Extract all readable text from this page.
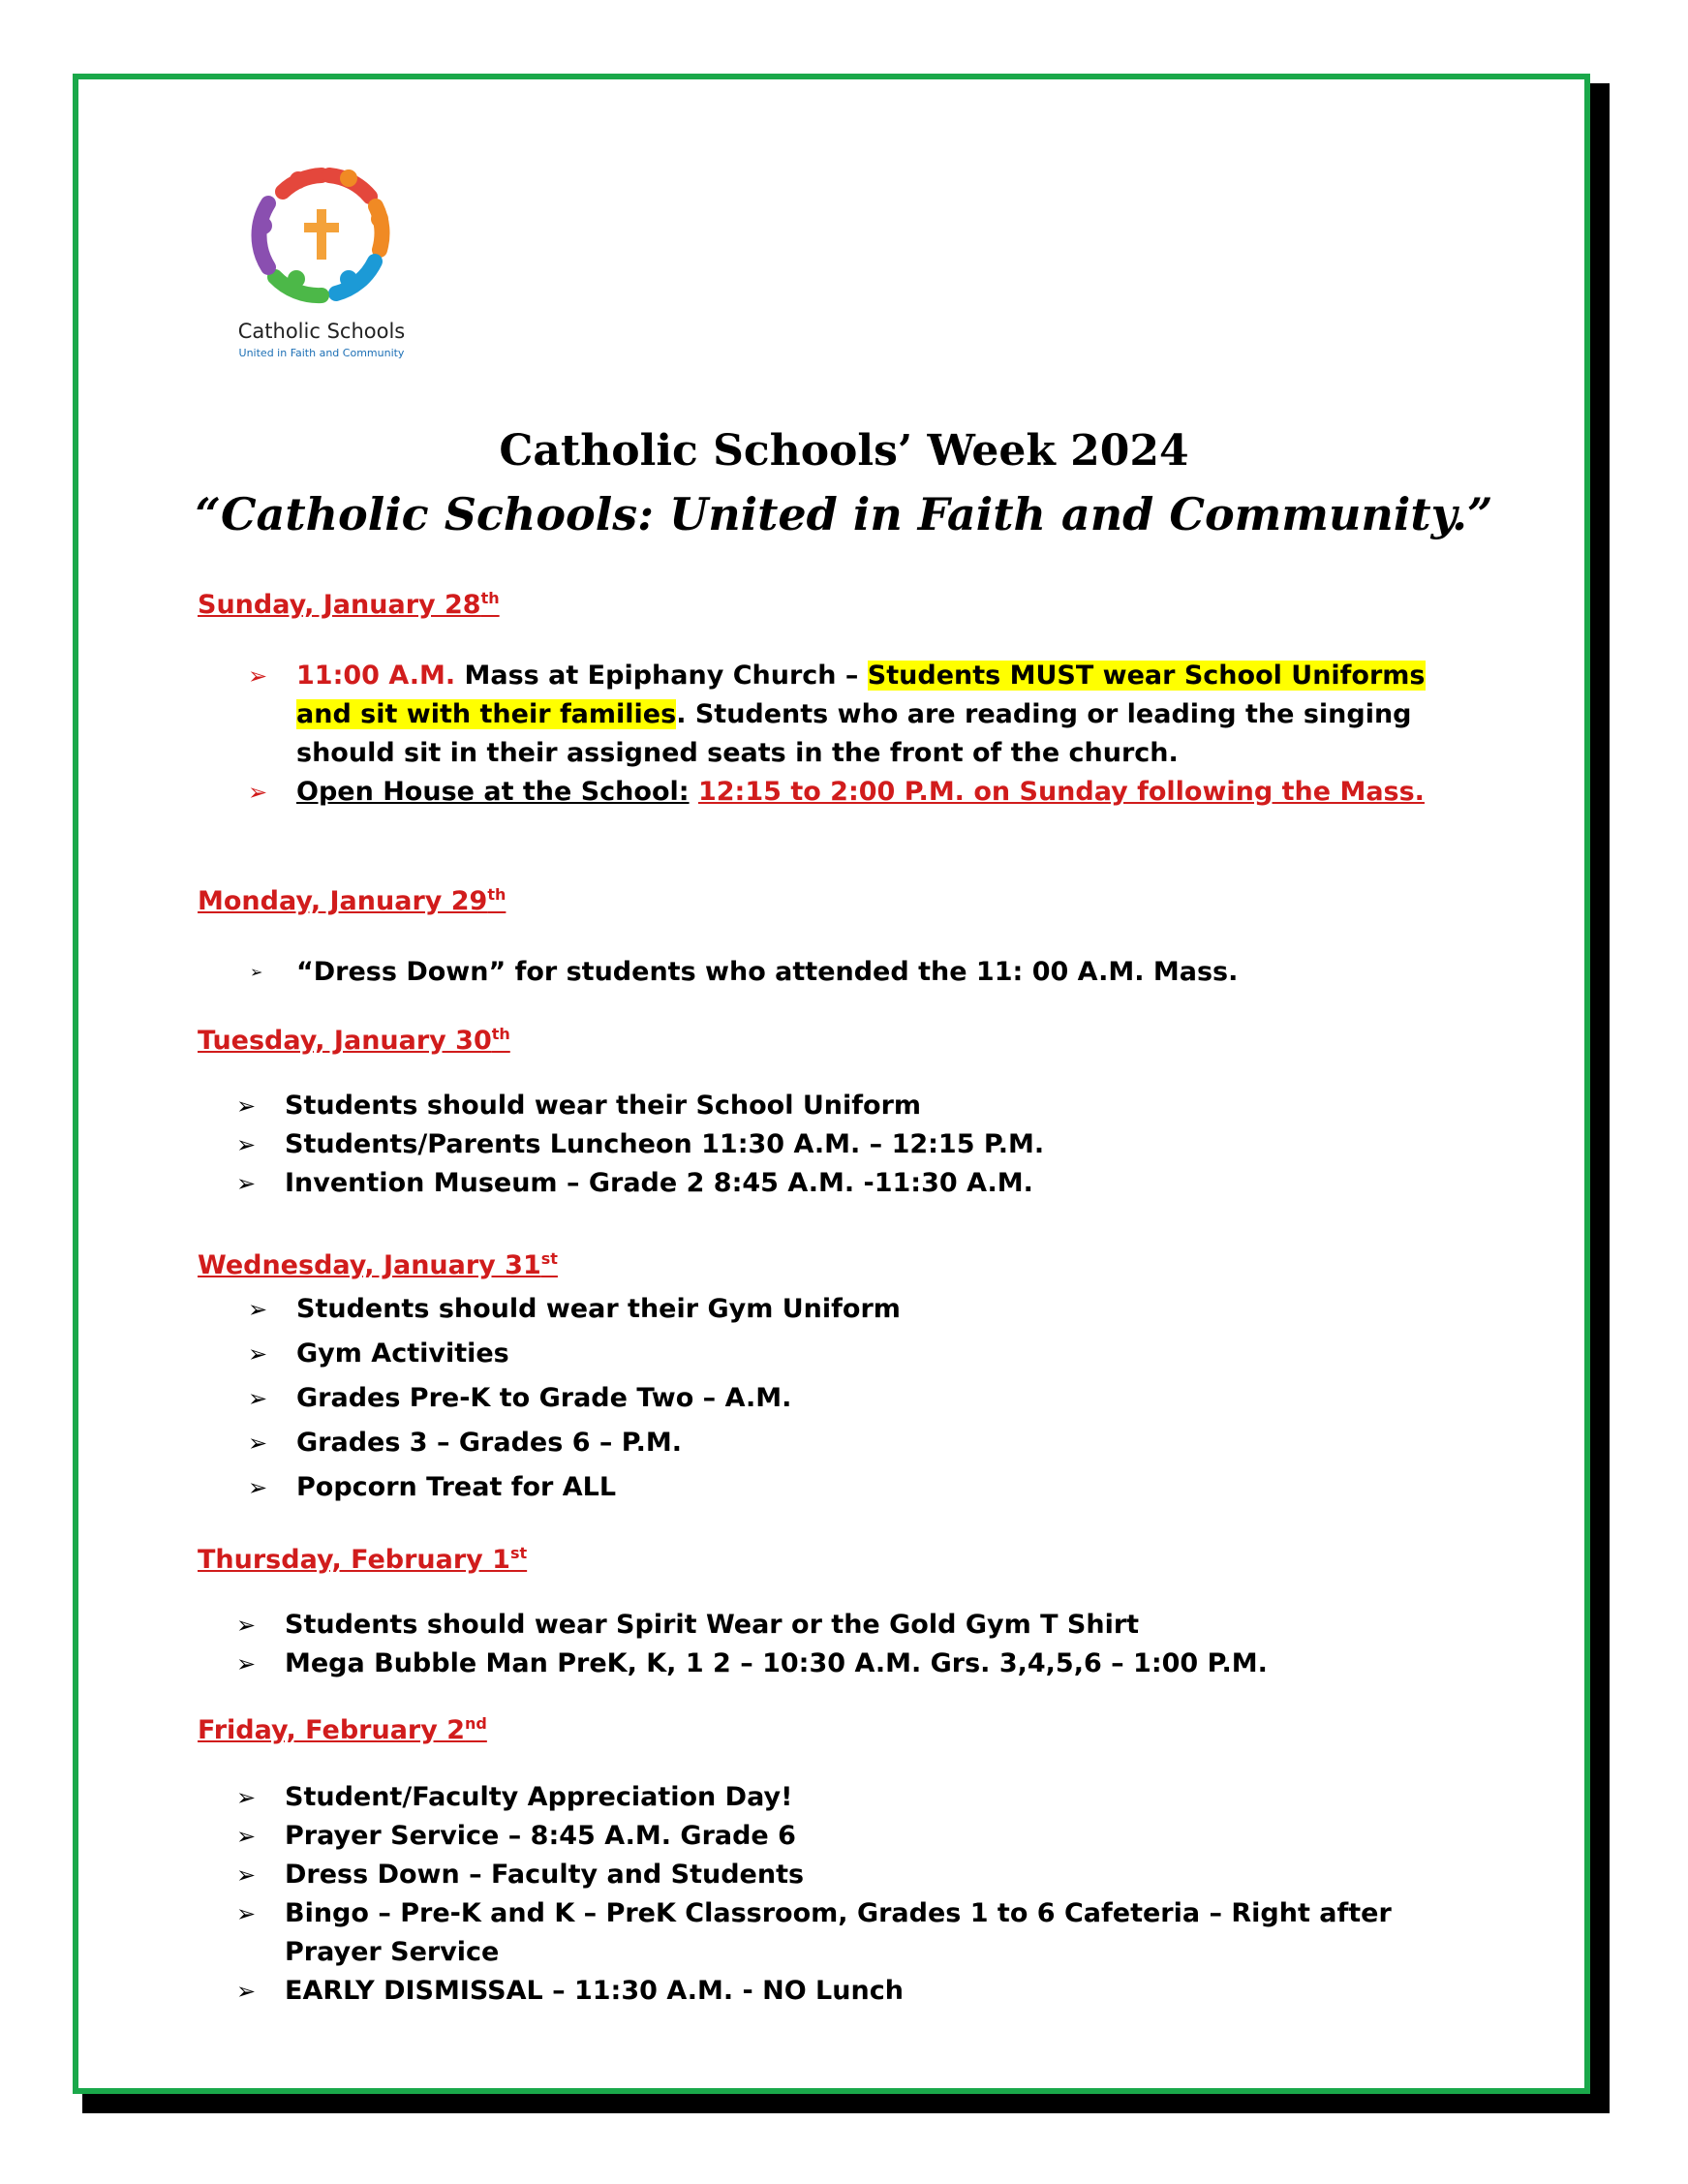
Catholic Schools
United in Faith and Community
Catholic Schools’ Week 2024
“Catholic Schools: United in Faith and Community.”
Sunday, January 28th
➢ 11:00 A.M. Mass at Epiphany Church – Students MUST wear School Uniforms
and sit with their families. Students who are reading or leading the singing
should sit in their assigned seats in the front of the church.
➢ Open House at the School: 12:15 to 2:00 P.M. on Sunday following the Mass.
Monday, January 29th
➢ “Dress Down” for students who attended the 11: 00 A.M. Mass.
Tuesday, January 30th
➢ Students should wear their School Uniform
➢ Students/Parents Luncheon 11:30 A.M. – 12:15 P.M.
➢ Invention Museum – Grade 2 8:45 A.M. -11:30 A.M.
Wednesday, January 31st
➢ Students should wear their Gym Uniform
➢ Gym Activities
➢ Grades Pre-K to Grade Two – A.M.
➢ Grades 3 – Grades 6 – P.M.
➢ Popcorn Treat for ALL
Thursday, February 1st
➢ Students should wear Spirit Wear or the Gold Gym T Shirt
➢ Mega Bubble Man PreK, K, 1 2 – 10:30 A.M. Grs. 3,4,5,6 – 1:00 P.M.
Friday, February 2nd
➢ Student/Faculty Appreciation Day!
➢ Prayer Service – 8:45 A.M. Grade 6
➢ Dress Down – Faculty and Students
➢ Bingo – Pre-K and K – PreK Classroom, Grades 1 to 6 Cafeteria – Right after
Prayer Service
➢ EARLY DISMISSAL – 11:30 A.M. - NO Lunch
